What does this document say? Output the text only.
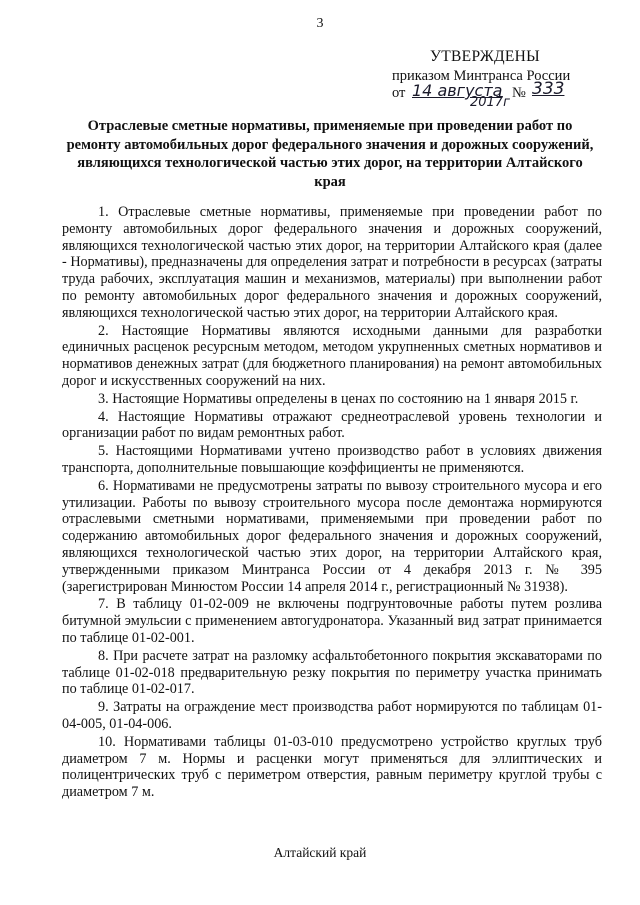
3
УТВЕРЖДЕНЫ
приказом Минтранса России
от 14 августа
2017г
№ 333
Отраслевые сметные нормативы, применяемые при проведении работ по ремонту автомобильных дорог федерального значения и дорожных сооружений, являющихся технологической частью этих дорог, на территории Алтайского края

1. Отраслевые сметные нормативы, применяемые при проведении работ по ремонту автомобильных дорог федерального значения и дорожных сооружений, являющихся технологической частью этих дорог, на территории Алтайского края (далее - Нормативы), предназначены для определения затрат и потребности в ресурсах (затраты труда рабочих, эксплуатация машин и механизмов, материалы) при выполнении работ по ремонту автомобильных дорог федерального значения и дорожных сооружений, являющихся технологической частью этих дорог, на территории Алтайского края.

2. Настоящие Нормативы являются исходными данными для разработки единичных расценок ресурсным методом, методом укрупненных сметных нормативов и нормативов денежных затрат (для бюджетного планирования) на ремонт автомобильных дорог и искусственных сооружений на них.

3. Настоящие Нормативы определены в ценах по состоянию на 1 января 2015 г.

4. Настоящие Нормативы отражают среднеотраслевой уровень технологии и организации работ по видам ремонтных работ.

5. Настоящими Нормативами учтено производство работ в условиях движения транспорта, дополнительные повышающие коэффициенты не применяются.

6. Нормативами не предусмотрены затраты по вывозу строительного мусора и его утилизации. Работы по вывозу строительного мусора после демонтажа нормируются отраслевыми сметными нормативами, применяемыми при проведении работ по содержанию автомобильных дорог федерального значения и дорожных сооружений, являющихся технологической частью этих дорог, на территории Алтайского края, утвержденными приказом Минтранса России от 4 декабря 2013 г. № 395 (зарегистрирован Минюстом России 14 апреля 2014 г., регистрационный № 31938).

7. В таблицу 01-02-009 не включены подгрунтовочные работы путем розлива битумной эмульсии с применением автогудронатора. Указанный вид затрат принимается по таблице 01-02-001.

8. При расчете затрат на разломку асфальтобетонного покрытия экскаваторами по таблице 01-02-018 предварительную резку покрытия по периметру участка принимать по таблице 01-02-017.

9. Затраты на ограждение мест производства работ нормируются по таблицам 01-04-005, 01-04-006.

10. Нормативами таблицы 01-03-010 предусмотрено устройство круглых труб диаметром 7 м. Нормы и расценки могут применяться для эллиптических и полицентрических труб с периметром отверстия, равным периметру круглой трубы с диаметром 7 м.

Алтайский край
